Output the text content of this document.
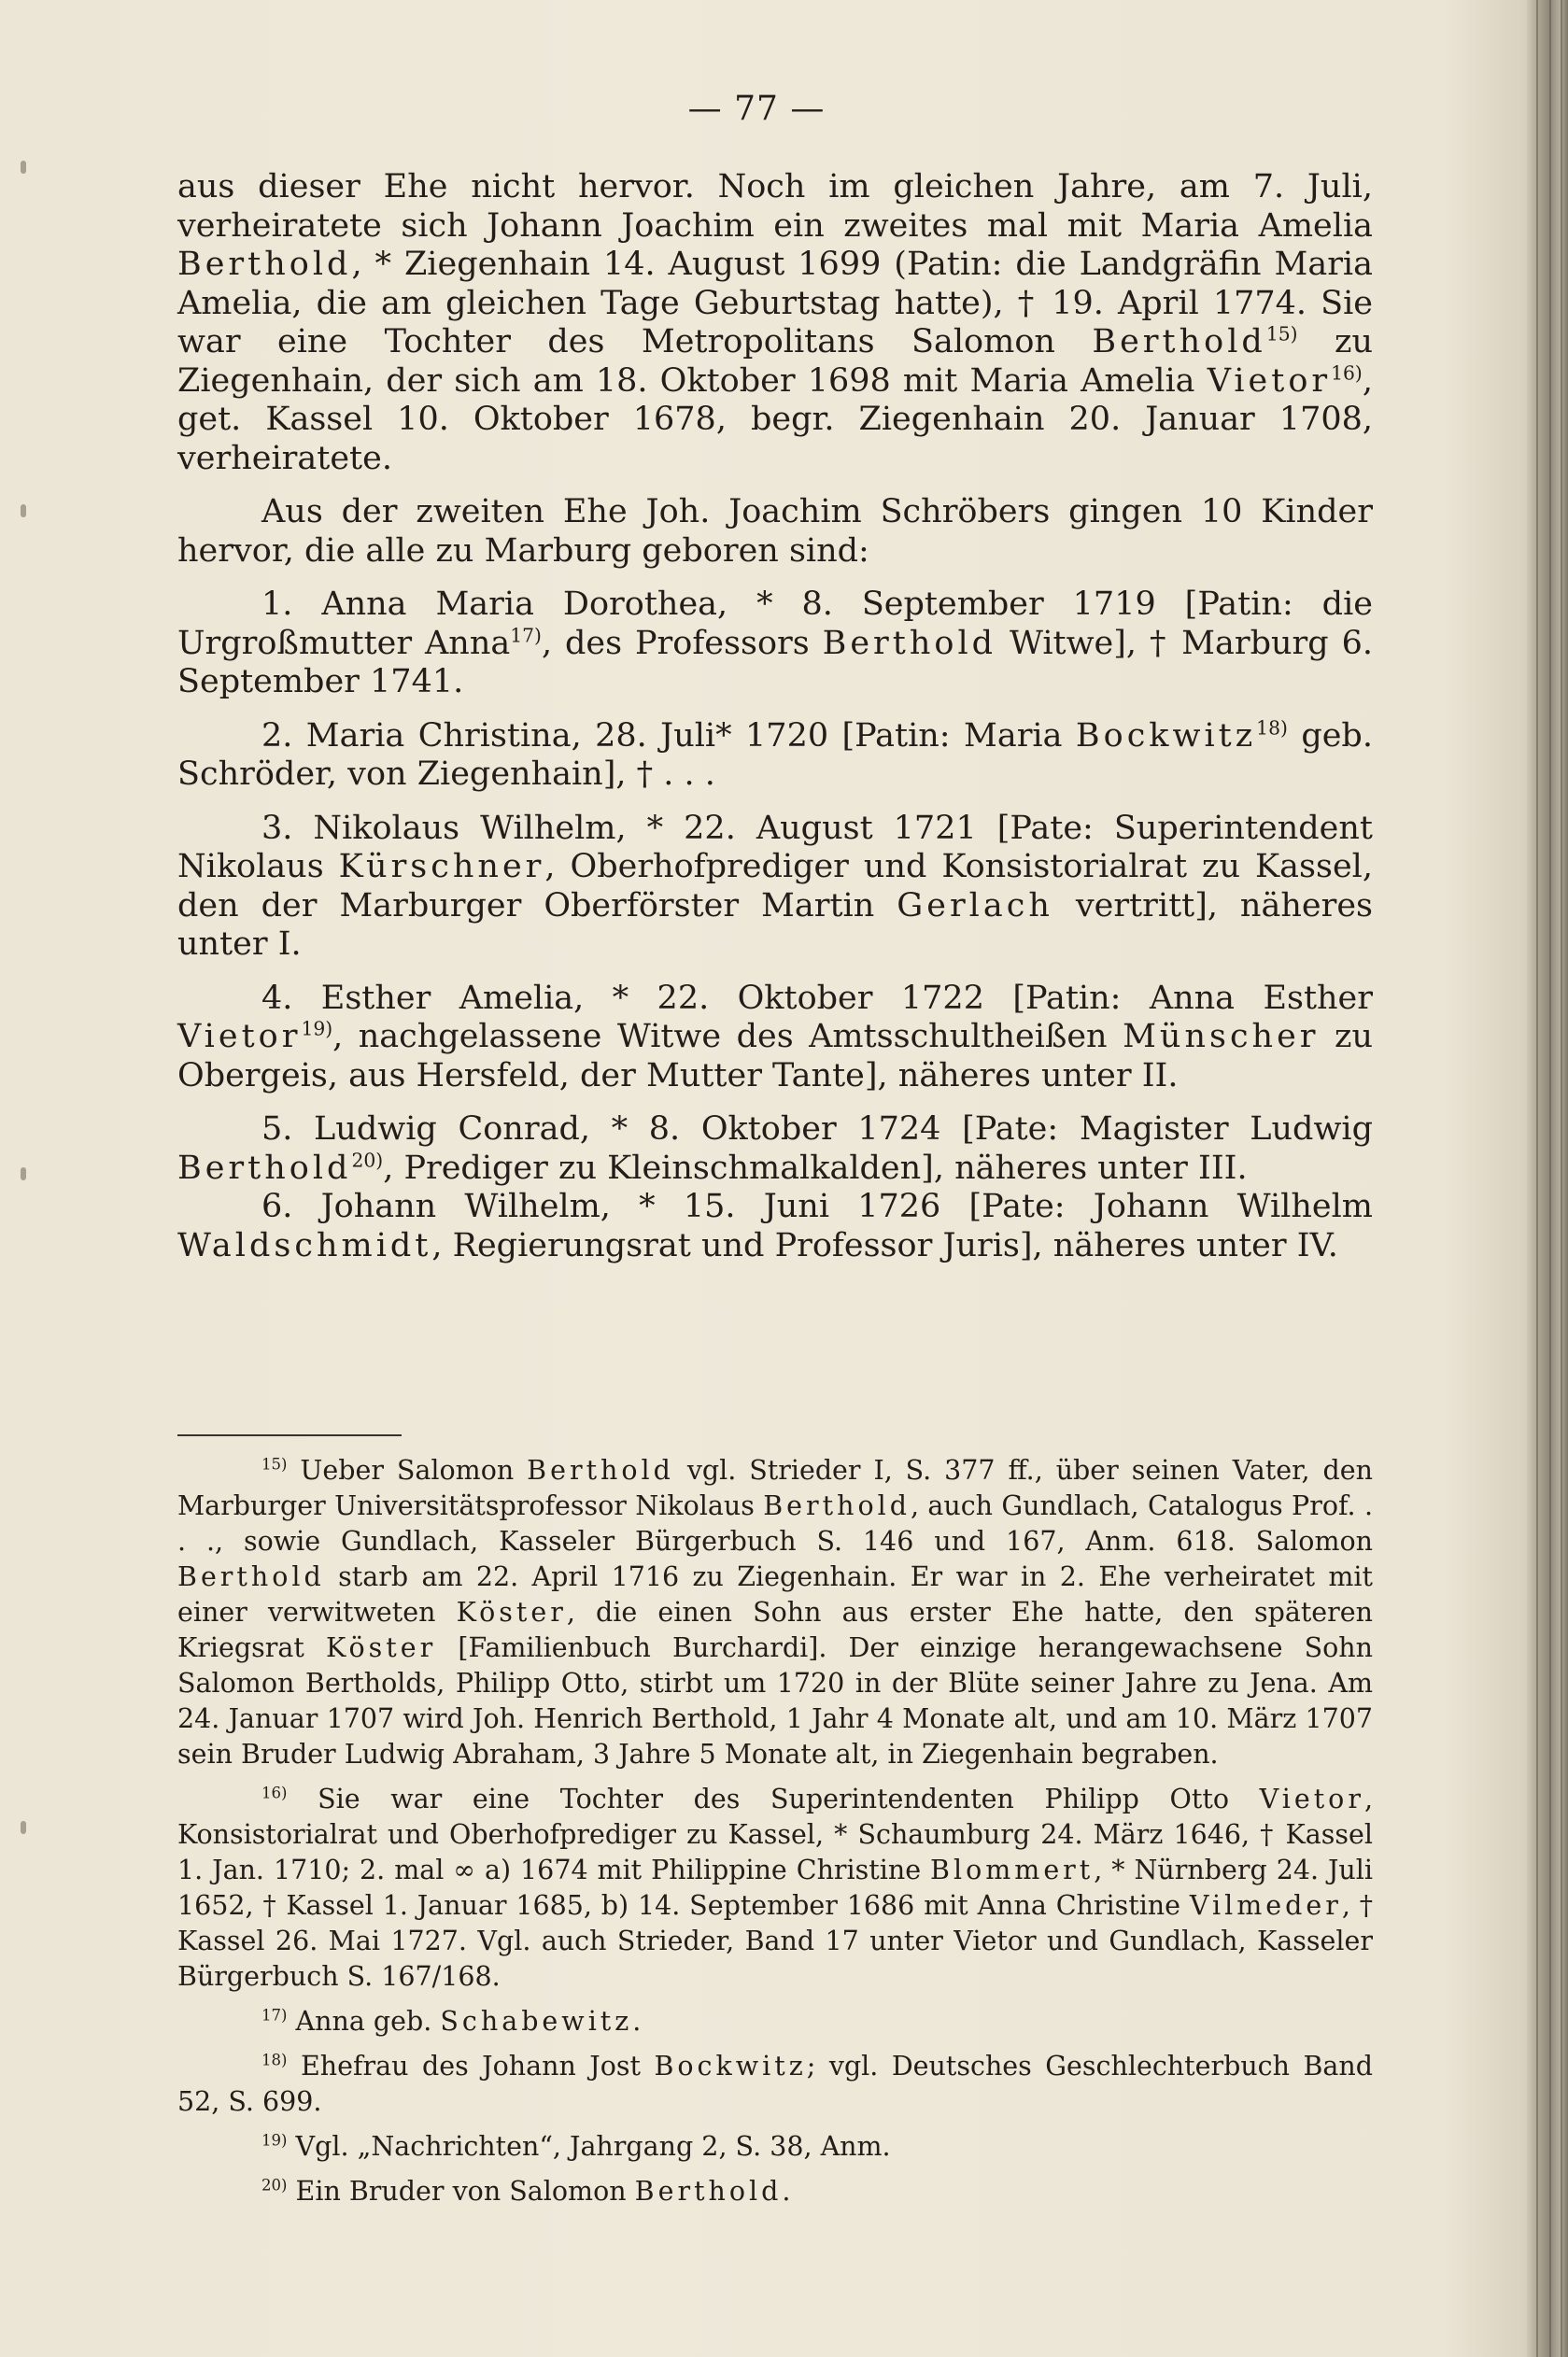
— 77 —

aus dieser Ehe nicht hervor. Noch im gleichen Jahre, am 7. Juli, verheiratete sich Johann Joachim ein zweites mal mit Maria Amelia Berthold, * Ziegenhain 14. August 1699 (Patin: die Landgräfin Maria Amelia, die am gleichen Tage Geburtstag hatte), † 19. April 1774. Sie war eine Tochter des Metropolitans Salomon Berthold$^{15)}$ zu Ziegenhain, der sich am 18. Oktober 1698 mit Maria Amelia Vietor$^{16)}$, get. Kassel 10. Oktober 1678, begr. Ziegenhain 20. Januar 1708, verheiratete.

Aus der zweiten Ehe Joh. Joachim Schröbers gingen 10 Kinder hervor, die alle zu Marburg geboren sind:

1. Anna Maria Dorothea, * 8. September 1719 [Patin: die Urgroßmutter Anna$^{17)}$, des Professors Berthold Witwe], † Marburg 6. September 1741.
2. Maria Christina, 28. Juli* 1720 [Patin: Maria Bockwitz$^{18)}$ geb. Schröder, von Ziegenhain], † . . .
3. Nikolaus Wilhelm, * 22. August 1721 [Pate: Superintendent Nikolaus Kürschner, Oberhofprediger und Konsistorialrat zu Kassel, den der Marburger Oberförster Martin Gerlach vertritt], näheres unter I.
4. Esther Amelia, * 22. Oktober 1722 [Patin: Anna Esther Vietor$^{19)}$, nachgelassene Witwe des Amtsschultheißen Münscher zu Obergeis, aus Hersfeld, der Mutter Tante], näheres unter II.
5. Ludwig Conrad, * 8. Oktober 1724 [Pate: Magister Ludwig Berthold$^{20)}$, Prediger zu Kleinschmalkalden], näheres unter III.
6. Johann Wilhelm, * 15. Juni 1726 [Pate: Johann Wilhelm Waldschmidt, Regierungsrat und Professor Juris], näheres unter IV.

$^{15)}$ Ueber Salomon Berthold vgl. Strieder I, S. 377 ff., über seinen Vater, den Marburger Universitätsprofessor Nikolaus Berthold, auch Gundlach, Catalogus Prof. . . ., sowie Gundlach, Kasseler Bürgerbuch S. 146 und 167, Anm. 618. Salomon Berthold starb am 22. April 1716 zu Ziegenhain. Er war in 2. Ehe verheiratet mit einer verwitweten Köster, die einen Sohn aus erster Ehe hatte, den späteren Kriegsrat Köster [Familienbuch Burchardi]. Der einzige herangewachsene Sohn Salomon Bertholds, Philipp Otto, stirbt um 1720 in der Blüte seiner Jahre zu Jena. Am 24. Januar 1707 wird Joh. Henrich Berthold, 1 Jahr 4 Monate alt, und am 10. März 1707 sein Bruder Ludwig Abraham, 3 Jahre 5 Monate alt, in Ziegenhain begraben.

$^{16)}$ Sie war eine Tochter des Superintendenten Philipp Otto Vietor, Konsistorialrat und Oberhofprediger zu Kassel, * Schaumburg 24. März 1646, † Kassel 1. Jan. 1710; 2. mal ∞ a) 1674 mit Philippine Christine Blommert, * Nürnberg 24. Juli 1652, † Kassel 1. Januar 1685, b) 14. September 1686 mit Anna Christine Vilmeder, † Kassel 26. Mai 1727. Vgl. auch Strieder, Band 17 unter Vietor und Gundlach, Kasseler Bürgerbuch S. 167/168.

$^{17)}$ Anna geb. Schabewitz.

$^{18)}$ Ehefrau des Johann Jost Bockwitz; vgl. Deutsches Geschlechterbuch Band 52, S. 699.

$^{19)}$ Vgl. „Nachrichten“, Jahrgang 2, S. 38, Anm.

$^{20)}$ Ein Bruder von Salomon Berthold.
